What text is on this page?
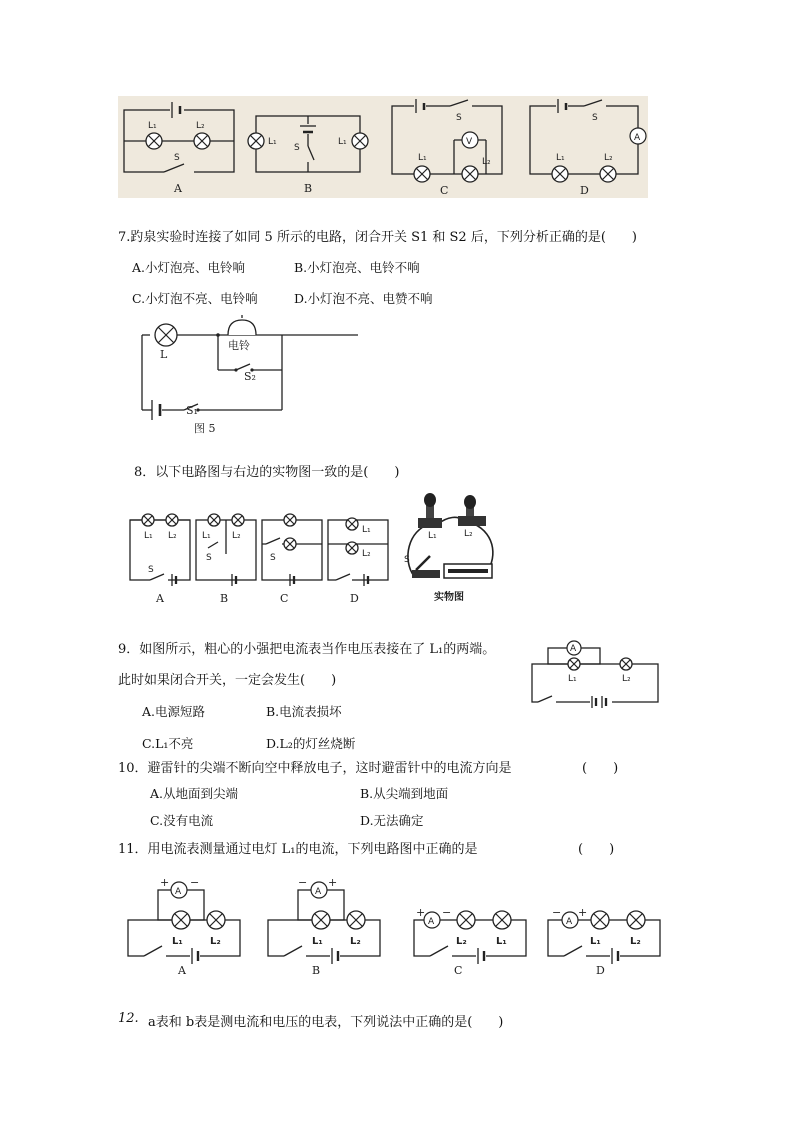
L₁	L₂
S
A
L₁
S
L₁
B
S
V
L₁	L₂
C
S
A
L₁	L₂
D
7.趵泉实验时连接了如同 5 所示的电路，闭合开关 S1 和 S2 后，下列分析正确的是(　　)
A.小灯泡亮、电铃响	B.小灯泡亮、电铃不响
C.小灯泡不亮、电铃响	D.小灯泡不亮、电赞不响
L
电铃
S₂
S₁
图 5
8．以下电路图与右边的实物图一致的是(　　)
L₁ L₂
S
A
L₁ L₂
S
B
S
C
L₁
L₂
D
L₁	L₂
S
实物图
9．如图所示，粗心的小强把电流表当作电压表接在了 L₁的两端。
此时如果闭合开关，一定会发生(　　)
A.电源短路	B.电流表损坏
C.L₁不亮	D.L₂的灯丝烧断
A
L₁	L₂
10．避雷针的尖端不断向空中释放电子，这时避雷针中的电流方向是	(　　)
A.从地面到尖端	B.从尖端到地面
C.没有电流	D.无法确定
11．用电流表测量通过电灯 L₁的电流，下列电路图中正确的是	(　　)
A
+ −
L₁	L₂
A
A
− +
L₁	L₂
B
A
+ −
L₂	L₁
C
A
− +
L₁	L₂
D
12. a表和 b表是测电流和电压的电表，下列说法中正确的是(　　)
